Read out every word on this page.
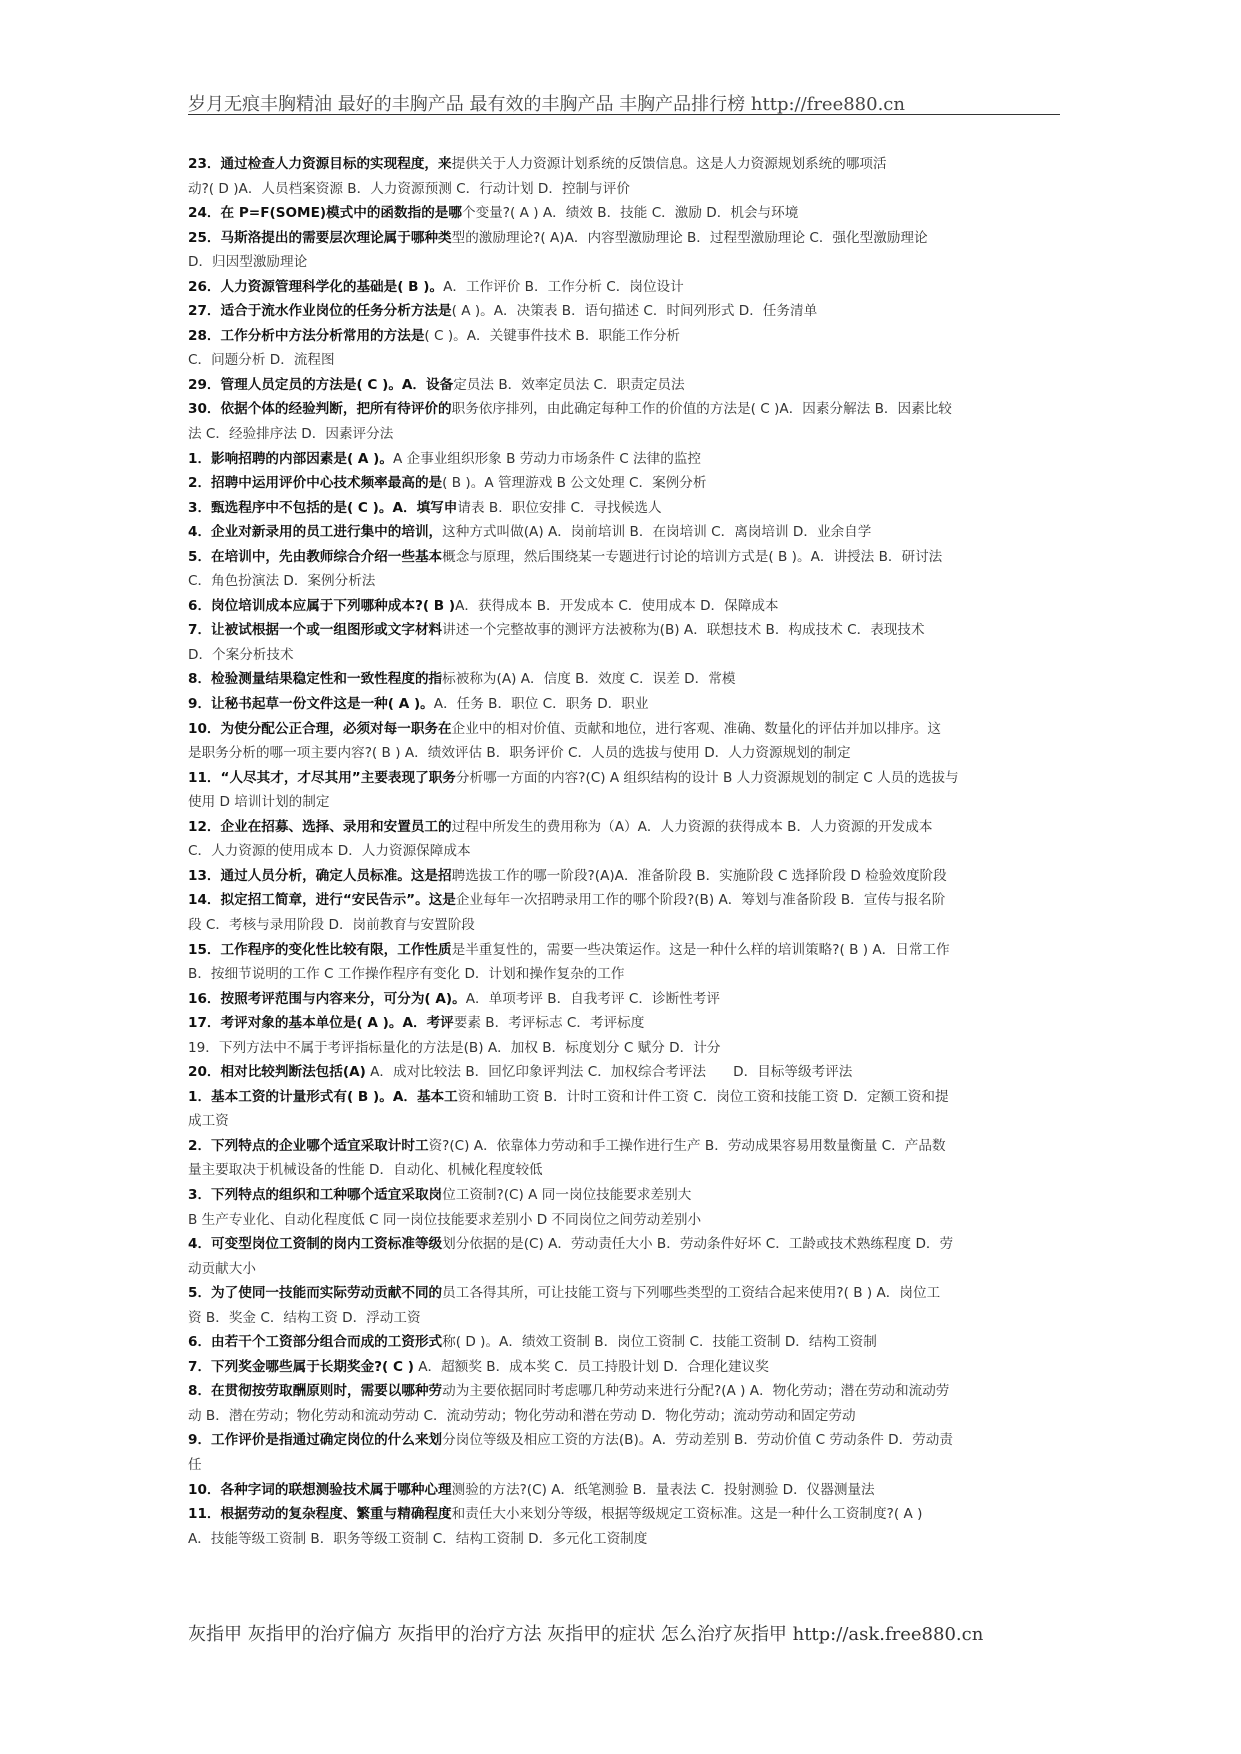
岁月无痕丰胸精油 最好的丰胸产品 最有效的丰胸产品 丰胸产品排行榜 http://free880.cn
23．通过检查人力资源目标的实现程度，来提供关于人力资源计划系统的反馈信息。这是人力资源规划系统的哪项活
动?( D )A．人员档案资源 B．人力资源预测 C．行动计划 D．控制与评价
24．在 P=F(SOME)模式中的函数指的是哪个变量?( A ) A．绩效 B．技能 C．激励 D．机会与环境
25．马斯洛提出的需要层次理论属于哪种类型的激励理论?( A)A．内容型激励理论 B．过程型激励理论 C．强化型激励理论
D．归因型激励理论
26．人力资源管理科学化的基础是( B )。A．工作评价 B．工作分析 C．岗位设计
27．适合于流水作业岗位的任务分析方法是( A )。A．决策表 B．语句描述 C．时间列形式 D．任务清单
28．工作分析中方法分析常用的方法是( C )。A．关键事件技术 B．职能工作分析
C．问题分析 D．流程图
29．管理人员定员的方法是( C )。A．设备定员法 B．效率定员法 C．职责定员法
30．依据个体的经验判断，把所有待评价的职务依序排列，由此确定每种工作的价值的方法是( C )A．因素分解法 B．因素比较
法 C．经验排序法 D．因素评分法
1．影响招聘的内部因素是( A )。A 企事业组织形象 B 劳动力市场条件 C 法律的监控
2．招聘中运用评价中心技术频率最高的是( B )。A 管理游戏 B 公文处理 C．案例分析
3．甄选程序中不包括的是( C )。A．填写申请表 B．职位安排 C．寻找候选人
4．企业对新录用的员工进行集中的培训，这种方式叫做(A) A．岗前培训 B．在岗培训 C．离岗培训 D．业余自学
5．在培训中，先由教师综合介绍一些基本概念与原理，然后围绕某一专题进行讨论的培训方式是( B )。A．讲授法 B．研讨法
C．角色扮演法 D．案例分析法
6．岗位培训成本应属于下列哪种成本?( B )A．获得成本 B．开发成本 C．使用成本 D．保障成本
7．让被试根据一个或一组图形或文字材料讲述一个完整故事的测评方法被称为(B) A．联想技术 B．构成技术 C．表现技术
D．个案分析技术
8．检验测量结果稳定性和一致性程度的指标被称为(A) A．信度 B．效度 C．误差 D．常模
9．让秘书起草一份文件这是一种( A )。A．任务 B．职位 C．职务 D．职业
10．为使分配公正合理，必须对每一职务在企业中的相对价值、贡献和地位，进行客观、准确、数量化的评估并加以排序。这
是职务分析的哪一项主要内容?( B ) A．绩效评估 B．职务评价 C．人员的选拔与使用 D．人力资源规划的制定
11．“人尽其才，才尽其用”主要表现了职务分析哪一方面的内容?(C) A 组织结构的设计 B 人力资源规划的制定 C 人员的选拔与
使用 D 培训计划的制定
12．企业在招募、选择、录用和安置员工的过程中所发生的费用称为（A）A．人力资源的获得成本 B．人力资源的开发成本
C．人力资源的使用成本 D．人力资源保障成本
13．通过人员分析，确定人员标准。这是招聘选拔工作的哪一阶段?(A)A．准备阶段 B．实施阶段 C 选择阶段 D 检验效度阶段
14．拟定招工简章，进行“安民告示”。这是企业每年一次招聘录用工作的哪个阶段?(B) A．筹划与准备阶段 B．宣传与报名阶
段 C．考核与录用阶段 D．岗前教育与安置阶段
15．工作程序的变化性比较有限，工作性质是半重复性的，需要一些决策运作。这是一种什么样的培训策略?( B ) A．日常工作
B．按细节说明的工作 C 工作操作程序有变化 D．计划和操作复杂的工作
16．按照考评范围与内容来分，可分为( A)。A．单项考评 B．自我考评 C．诊断性考评
17．考评对象的基本单位是( A )。A．考评要素 B．考评标志 C．考评标度
19．下列方法中不属于考评指标量化的方法是(B) A．加权 B．标度划分 C 赋分 D．计分
20．相对比较判断法包括(A) A．成对比较法 B．回忆印象评判法 C．加权综合考评法　　D．目标等级考评法
1．基本工资的计量形式有( B )。A．基本工资和辅助工资 B．计时工资和计件工资 C．岗位工资和技能工资 D．定额工资和提
成工资
2．下列特点的企业哪个适宜采取计时工资?(C) A．依靠体力劳动和手工操作进行生产 B．劳动成果容易用数量衡量 C．产品数
量主要取决于机械设备的性能 D．自动化、机械化程度较低
3．下列特点的组织和工种哪个适宜采取岗位工资制?(C) A 同一岗位技能要求差别大
B 生产专业化、自动化程度低 C 同一岗位技能要求差别小 D 不同岗位之间劳动差别小
4．可变型岗位工资制的岗内工资标准等级划分依据的是(C) A．劳动责任大小 B．劳动条件好坏 C．工龄或技术熟练程度 D．劳
动贡献大小
5．为了使同一技能而实际劳动贡献不同的员工各得其所，可让技能工资与下列哪些类型的工资结合起来使用?( B ) A．岗位工
资 B．奖金 C．结构工资 D．浮动工资
6．由若干个工资部分组合而成的工资形式称( D )。A．绩效工资制 B．岗位工资制 C．技能工资制 D．结构工资制
7．下列奖金哪些属于长期奖金?( C ) A．超额奖 B．成本奖 C．员工持股计划 D．合理化建议奖
8．在贯彻按劳取酬原则时，需要以哪种劳动为主要依据同时考虑哪几种劳动来进行分配?(A ) A．物化劳动；潜在劳动和流动劳
动 B．潜在劳动；物化劳动和流动劳动 C．流动劳动；物化劳动和潜在劳动 D．物化劳动；流动劳动和固定劳动
9．工作评价是指通过确定岗位的什么来划分岗位等级及相应工资的方法(B)。A．劳动差别 B．劳动价值 C 劳动条件 D．劳动责
任
10．各种字词的联想测验技术属于哪种心理测验的方法?(C) A．纸笔测验 B．量表法 C．投射测验 D．仪器测量法
11．根据劳动的复杂程度、繁重与精确程度和责任大小来划分等级，根据等级规定工资标准。这是一种什么工资制度?( A )
A．技能等级工资制 B．职务等级工资制 C．结构工资制 D．多元化工资制度
灰指甲 灰指甲的治疗偏方 灰指甲的治疗方法 灰指甲的症状 怎么治疗灰指甲 http://ask.free880.cn
